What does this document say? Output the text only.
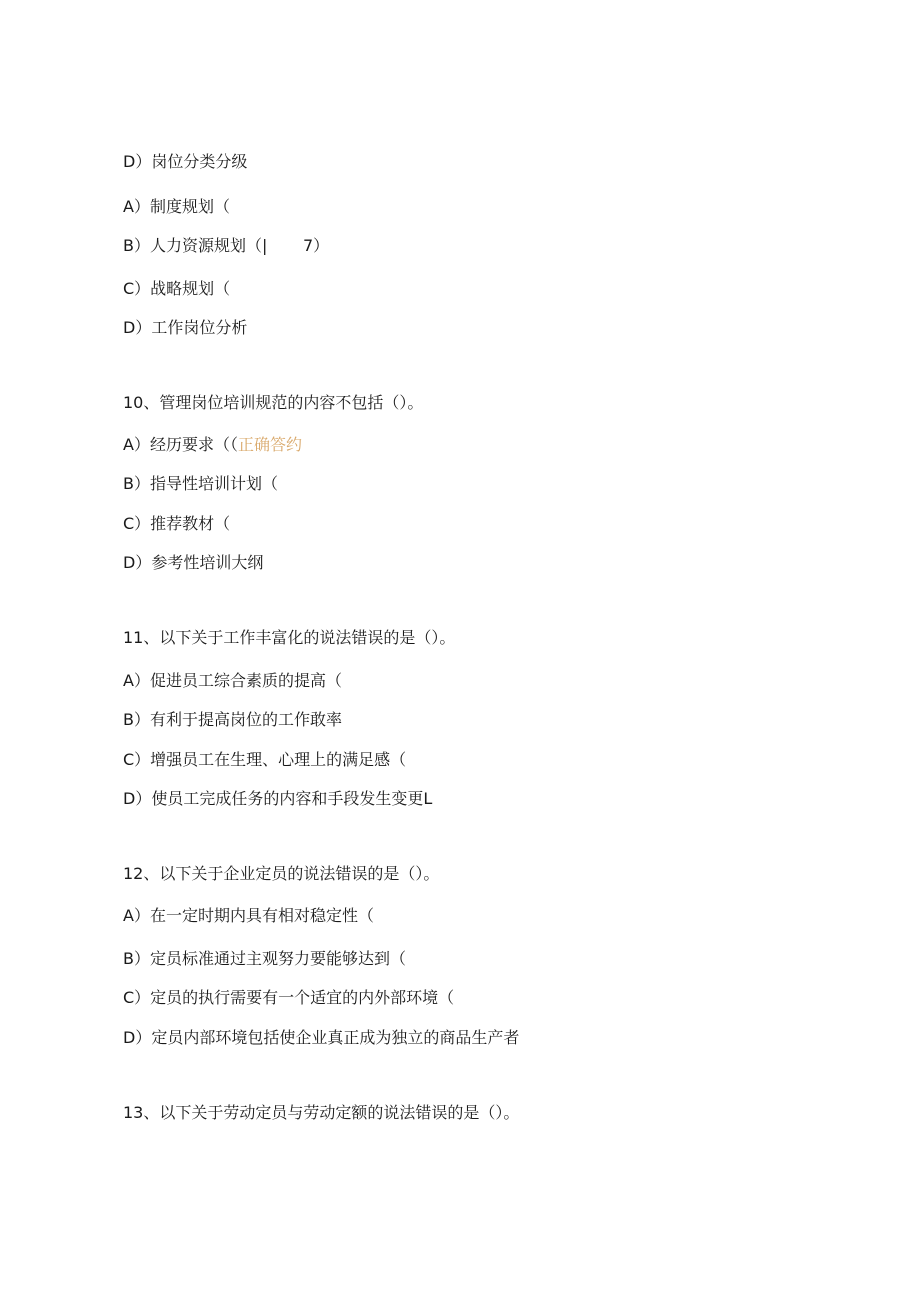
D）岗位分类分级
A）制度规划（
B）人力资源规划（|       7）
C）战略规划（
D）工作岗位分析
10、管理岗位培训规范的内容不包括（）。
A）经历要求（（正确答约
B）指导性培训计划（
C）推荐教材（
D）参考性培训大纲
11、以下关于工作丰富化的说法错误的是（）。
A）促进员工综合素质的提高（
B）有利于提高岗位的工作敢率
C）增强员工在生理、心理上的满足感（
D）使员工完成任务的内容和手段发生变更L
12、以下关于企业定员的说法错误的是（）。
A）在一定时期内具有相对稳定性（
B）定员标准通过主观努力要能够达到（
C）定员的执行需要有一个适宜的内外部环境（
D）定员内部环境包括使企业真正成为独立的商品生产者
13、以下关于劳动定员与劳动定额的说法错误的是（）。
